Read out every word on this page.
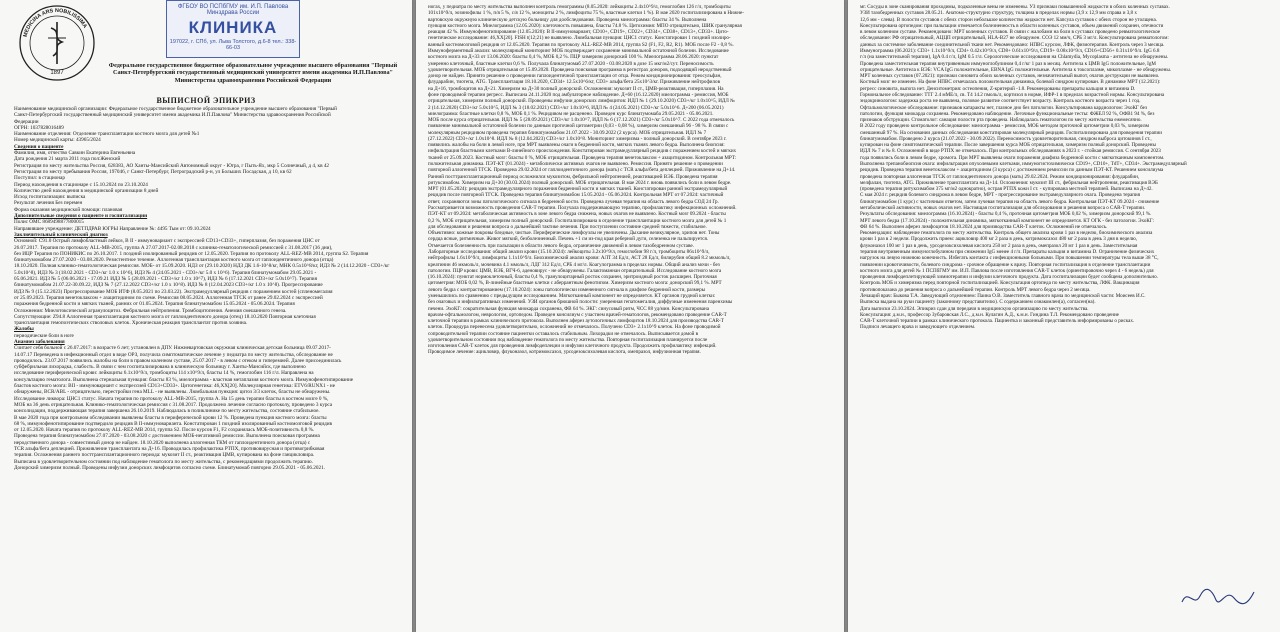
MEDICINA ARS NOBILISSIMA
1897
ФГБОУ ВО ПСПбГМУ им. И.П. Павлова
Минздрава России
КЛИНИКА
197022, г. СПб, ул. Льва Толстого, д.6-8 тел.: 338-66-03
Федеральное государственное бюджетное образовательное учреждение высшего образования "Первый Санкт-Петербургский государственный медицинский университет имени академика И.П.Павлова" Министерства здравоохранения Российской Федерации
ВЫПИСНОЙ ЭПИКРИЗ
Наименование медицинской организации: Федеральное государственное бюджетное образовательное учреждение высшего образования "Первый
Санкт-Петербургский государственный медицинский университет имени академика И.П.Павлова" Министерства здравоохранения Российской
Федерации
ОГРН: 1037828016489
Наименование отделения: Отделение трансплантации костного мозга для детей №1
Номер медицинской карты: 43965/2024
Сведения о пациенте
Фамилия, имя, отчество Савкин Екатерина Евгеньевна
Дата рождения 21 марта 2011 года пол:Женский
Регистрация по месту жительства Россия, 628383, АО Ханты-Мансийский Автономный округ - Югра, г Пыть-Ях, мкр 5 Солнечный, д 4, кв 42
Регистрация по месту пребывания Россия, 197046, г Санкт-Петербург, Петроградский р-н, ул Больших Посадская, д 10, кв 62
Поступил: в стационар
Период нахождения в стационаре с 15.10.2024 по 23.10.2024
Количество дней нахождения в медицинской организации 8 дней
Исход госпитализации: выписка
Результат лечения Без перемен
Форма оказания медицинской помощи: плановая
Дополнительные сведения о пациенте и госпитализации
Полис ОМС 8689498877800015
Направившее учреждение: ДЕТПДРАВ ЮГРЫ Направление №: 4495 Тым от: 09.10.2024
Заключительный клинический диагноз
Основной: C91.0 Острый лимфобластный лейкоз, B II - иммуновариант с экспрессией CD13+CD33+, гиперплазия, без поражения ЦНС от
26.07.2017. Терапия по протоколу ALL-MB-2015, группа А 27.07.2017-02.08.2018 с клинико-гематологической ремиссией с 31.08.2017 (36 дни),
без ИЦР Терапия по ПОНИКИС по 26.10.2017. 1 поздний изолированный рецидив от 12.05.2020. Терапия по протоколу ALL-REZ-MB 2014, группа S2. Терапия
блинатумомабом 27.07.2020 - 03.08.2020. Резистентное течение. Аллогенная трансплантация костного мозга от гаплоидентичного донора (отца)
18.10.2020. Полная клинико-гематологическая ремиссия. МОБ- от 15.09.2020. НДЗ от (29.10.2020) НДЗ ДК 1.6-10^8/кг, МНК 0.5x10^8/кг, ИДЗ № 2 (14.12.2020 - CD3+/кг
5.0x10^8), ИДЗ № 3 (18.02.2021 - CD3+/кг 1.0 x 10^6), ИДЗ № 4 (24.05.2021 - CD3+/кг 5.0 x 10^6). Терапия блинатумомабом 29.05.2021 -
05.06.2021. ИДЗ № 5 (06.06.2021 - 17.09.21 ИДЗ № 5 (28.09.2021 - CD3+/кг 1.0 x 10^7), ИДЗ № 6 (17.12.2021 CD3+/кг 5.0x10^7). Терапия
блинатумомабом 21.07.22-30.09.22, ИДЗ № 7 (27.12.2022 CD3+/кг 1.0 x 10^8). ИДЗ № 8 (12.04.2023 CD3+/кг 1.0 x 10^8). Прогрессирование
ИДЗ № 9 (15.12.2023) Прогрессирование МОБ ИТФ (8.05.2021 по 23.03.22). Экстрамедуллярный рецидив с поражением костей (спленомегалия
от 25.09.2023. Терапия венетоклаксом + азацитидином по схеме. Ремиссия 08.05.2024. Аллогенная ТГСК от ранее 29.02.2024 с экспрессией
поражения бедренной кости и мягких тканей, ранних от 01.05.2024. Терапия блинатумомабом 15.05.2024 - 05.06.2024. Терапия
Осложнения: Миелотоксический агранулоцитоз. Фебрильная нейтропения. Тромбоцитопения. Анемия смешанного генеза.
Сопутствующие: Z94.8 Аллогенная трансплантация костного мозга от гаплоидентичного донора (отец) 18.10.2020 Повторная клеточная
трансплантация гемопоэтических стволовых клеток. Хроническая реакция трансплантат против хозяина.
Жалобы
периодические боли в ноге
Анамнез заболевания
Считает себя больной с 26.07.2017: в возрасте 6 лет; установлен в ДПУ. Нижневартовская окружная клиническая детская больница 09.07.2017-
14.07.17 Переведена в инфекционный отдел в виде ОРЗ, получила симптоматическое лечение у педиатра по месту жительства, обследование не
проводилось. 23.07.2017 появились жалобы на боли в правом коленном суставе, 25.07.2017 - в левом с отеком и гиперемией. Далее присоединилась
субфебрильная лихорадка, слабость. В связи с чем госпитализирована в клиническую больницу г. Ханты-Мансийск, где выполнено
исследование периферической крови: лейкоциты 6.1x10^9/л, тромбоциты 114 x10^9/л, бласты 14 %, гемоглобин 116 г/л. Направлена на
консультацию гематолога. Выполнена стернальная пункция: бласты 83 %, миелограмма - властная метаплазия костного мозга. Иммунофенотипирование
бластов костного мозга: ВII - иммуновариант с экспрессией CD13+CD33+. Цитогенетика: 46,ХХ[20]. Молекулярная генетика: ETV6/RUNX1 - не
обнаружены, BCR/ABL - отрицательно, перестройки гена MLL - не выявлены. Люмбальная пункция: цитоз 3/3 клеток, бласты не обнаружены.
Исследование ликвора: ЦНС1 статус. Начата терапия по протоколу ALL-MB-2015, группа А. На 15 день терапии бласты в костном мозге 0 %,
МОБ на 36 день отрицательная. Клинико-гематологическая ремиссия с 31.08.2017. Продолжено лечение согласно протоколу, проведено 3 курса
консолидации, поддерживающая терапия завершена 26.10.2019. Наблюдалась в поликлинике по месту жительства, состояние стабильное.
В мае 2020 года при контрольном обследовании выявлены бласты в периферической крови 12 %. Проведена пункция костного мозга: бласты
68 %, иммунофенотипирование подтвердило рецидив В II-иммуноварианта. Констатирован 1 поздний изолированный костномозговой рецидив
от 12.05.2020. Начата терапия по протоколу ALL-REZ-MB 2014, группа S2. После курсов F1, F2 сохранялась МОБ-позитивность 0,8 %.
Проведена терапия блинатумомабом 27.07.2020 - 03.08.2020 с достижением МОБ-негативной ремиссии. Выполнена поисковая программа
неродственного донора - совместимый донор не найден. 18.10.2020 выполнена аллогенная ТКМ от гаплоидентичного донора (отца) с
TCR альфа/бета деплецией. Приживление трансплантата на Д+16. Проводилась профилактика РТПХ, противовирусная и противогрибковая
терапия. Осложнения раннего посттрансплантационного периода: мукозит II ст., реактивация ЦМВ, купирована на фоне ганцикловира.
Выписана в удовлетворительном состоянии под наблюдение гематолога по месту жительства, с рекомендациями продолжить терапию.
Донорский химеризм полный. Проведены инфузии донорских лимфоцитов согласно схеме. Блинатумомаб повторно 29.05.2021 - 05.06.2021.
ногах, у педиатра по месту жительства выполнен контроль гемограммы (8.05.2020: лейкоциты 2.4х10^9/л, гемоглобин 126 г/л, тромбоциты
101x10^9/л, эозинофилы 1 %, п/я 5 %, с/я 12 %, моноциты 2 %, лимфоциты 75 %, властные клетки 1 %). В мае 2020 госпитализирована в Нижне-
вартовскую окружную клиническую детскую больницу для дообследования. Проведена миелограмма: бласты 34 %. Выполнена
пункция костного мозга. Миелограмма (12.05.2020): клеточность повышена, бласты 74.8 %. Цитохимия: МПО отрицательно, ШИК гранулярная
реакция 42 %. Иммунофенотипирование (12.05.2020): В II-иммуновариант, CD10+, CD19+, CD22+, CD34+, CD38+, CD13+, CD33+. Цито-
генетическое исследование: 46,XX[20]. FISH t(12;21) не выявлено. Люмбальная пункция: ЦНС1 статус. Констатирован 1 поздний изолиро-
ванный костномозговой рецидив от 12.05.2020. Терапия по протоколу ALL-REZ-MB 2014, группа S2 (F1, F2, R2, R1). МОБ после F2 - 0,8 %.
Иммуноферментный анализ: молекулярный мониторинг МОБ подтверждает сохранение минимальной остаточной болезни. Исследование
костного мозга на Д+33 от 13.06.2020: бласты 0,4 %, МОБ 0,2 %. ПЦР химеризм донорский 100 %. Миелограмма 28.06.2020: пунктат
умеренно клеточный, бластные клетки 0,6 %. Получала блинатумомаб 27.07.2020 - 03.08.2020 в дозе 15 мкг/м2/сут. Переносимость
удовлетворительная. МОБ отрицательная от 15.09.2020. Проведена поисковая программа в регистрах доноров, подходящий неродственный
донор не найден. Принято решение о проведении гаплоидентичной трансплантации от отца. Режим кондиционирования: треосульфан,
флударабин, тиотепа, ATG. Трансплантация 18.10.2020, CD34+ 12.5x10^6/кг, CD3+ альфа/бета 25x10^3/кг. Приживление нейтрофилов
на Д+16, тромбоцитов на Д+21. Химеризм на Д+30 полный донорский. Осложнения: мукозит II ст., ЦМВ-реактивация, гиперплазия. На
фоне проводимой терапии регресс. Выписана 24.11.2020 под амбулаторное наблюдение. Д+60 (16.12.2020) миелограмма - ремиссия, МОБ
отрицательная, химеризм полный донорский. Проведены инфузии донорских лимфоцитов: ИДЛ № 1 (29.10.2020) CD3+/кг 1.0x10^5, ИДЛ №
2 (14.12.2020) CD3+/кг 5.0x10^5, ИДЛ № 3 (18.02.2021) CD3+/кг 1.0x10^6, ИДЛ № 4 (24.05.2021) CD3+/кг 5.0x10^6. Д+200 (06.05.2021)
миелограмма: бластные клетки 0,8 %, МОБ 0,1 %. Рецидивом не расценено. Проведен курс блинатумомаба 29.05.2021 - 05.06.2021.
МОБ после курса отрицательная. ИДЛ № 5 (28.09.2021) CD3+/кг 1.0x10^7, ИДЛ № 6 (17.12.2021) CD3+/кг 5.0x10^7. С 2022 года отмечалось
появление минимальной остаточной болезни по данным проточной цитометрии (0,03 - 0,08 %), химеризм смешанный 96 - 98 %. В связи с
молекулярным рецидивом проведена терапия блинатумомабом 21.07.2022 - 30.09.2022 (2 курса). МОБ отрицательная. ИДЛ № 7
(27.12.2022) CD3+/кг 1.0x10^8. ИДЛ № 8 (12.04.2023) CD3+/кг 1.0x10^8. Мониторинг химеризма - полный донорский. В сентябре 2023 г.
появились жалобы на боли в левой ноге, при МРТ выявлены очаги в бедренной кости, мягких тканях левого бедра. Выполнена биопсия:
инфильтрация бластными клетками В-линейного происхождения. Констатирован экстрамедуллярный рецидив с поражением костей и мягких
тканей от 25.09.2023. Костный мозг: бласты 0 %, МОБ отрицательная. Проведена терапия венетоклаксом + азацитидином. Контрольная МРТ:
положительная динамика. ПЭТ-КТ (01.2024) - метаболически активных очагов не выявлено. Ремиссия. Принято решение о проведении
повторной аллогенной ТГСК. Проведена 29.02.2024 от гаплоидентичного донора (мать) с TCR альфа/бета деплецией. Приживление на Д+14.
Ранний посттрансплантационный период осложнился мукозитом, фебрильной нейтропенией, реактивацией ВЭБ. Проведена терапия
ритуксимабом. Химеризм на Д+30 (30.03.2024) полный донорский. МОБ отрицательная. В мае 2024 г. вновь появились боли в левом бедре.
МРТ (01.05.2024): рецидив экстрамедуллярного поражения бедренной кости и мягких тканей. Констатирован ранний экстрамедуллярный
рецидив после повторной ТГСК. Проведена терапия блинатумомабом 15.05.2024 - 05.06.2024. Контрольная МРТ от 07.2024: частичный
ответ, сохраняются зоны патологического сигнала в бедренной кости. Проведена лучевая терапия на область левого бедра СОД 24 Гр.
Рассматривается возможность проведения CAR-T терапии. Получала поддерживающую терапию, профилактику инфекционных осложнений.
ПЭТ-КТ от 09.2024: метаболическая активность в зоне левого бедра снижена, новых очагов не выявлено. Костный мозг 09.2024 - бласты
0,2 %, МОБ отрицательная, химеризм полный донорский. Госпитализирована в отделение трансплантации костного мозга для детей № 1
для обследования и решения вопроса о дальнейшей тактике лечения. При поступлении состояние средней тяжести, стабильное.
Объективно: кожные покровы бледные, чистые. Периферические лимфоузлы не увеличены. Дыхание везикулярное, хрипов нет. Тоны
сердца ясные, ритмичные. Живот мягкий, безболезненный. Печень +1 см из-под края реберной дуги, селезенка не пальпируется.
Отмечается болезненность при пальпации в области левого бедра, ограничение движений в левом тазобедренном суставе.
Лабораторные исследования: общий анализ крови (15.10.2024): лейкоциты 3.2х10^9/л, гемоглобин 98 г/л, тромбоциты 86x10^9/л,
нейтрофилы 1.6х10^9/л, лимфоциты 1.1х10^9/л. Биохимический анализ крови: АЛТ 34 Ед/л, АСТ 28 Ед/л, билирубин общий 8.2 мкмоль/л,
креатинин 46 мкмоль/л, мочевина 4.1 ммоль/л, ЛДГ 312 Ед/л, СРБ 4 мг/л. Коагулограмма в пределах нормы. Общий анализ мочи - без
патологии. ПЦР крови: ЦМВ, ВЭБ, ВГЧ-6, аденовирус - не обнаружены. Галактоманнан отрицательный. Исследование костного мозга
(16.10.2024): пунктат нормоклеточный, бласты 0,4 %, гранулоцитарный росток сохранен, эритроидный росток расширен. Проточная
цитометрия: МОБ 0,02 %, В-линейные бластные клетки с аберрантным фенотипом. Химеризм костного мозга: донорский 99,1 %. МРТ
левого бедра с контрастированием (17.10.2024): зоны патологически измененного сигнала в диафизе бедренной кости, размеры
уменьшились по сравнению с предыдущим исследованием. Мягкотканный компонент не определяется. КТ органов грудной клетки:
без очаговых и инфильтративных изменений. УЗИ органов брюшной полости: умеренная гепатомегалия, диффузные изменения паренхимы
печени. ЭхоКГ: сократительная функция миокарда сохранена, ФВ 64 %. ЭКГ: синусовый ритм, ЧСС 88 уд/мин. Консультирована
врачом-офтальмологом, неврологом, ортопедом. Проведен консилиум с участием врачей-гематологов, рекомендовано проведение CAR-T
клеточной терапии в рамках клинического протокола. Выполнен аферез аутологичных лимфоцитов 18.10.2024 для производства CAR-T
клеток. Процедура перенесена удовлетворительно, осложнений не отмечалось. Получено CD3+ 2.1x10^9 клеток. На фоне проводимой
сопроводительной терапии состояние пациентки оставалось стабильным. Лихорадки не отмечалось. Выписывается домой в
удовлетворительном состоянии под наблюдение гематолога по месту жительства. Повторная госпитализация планируется после
изготовления CAR-T клеток для проведения лимфодеплеции и инфузии клеточного продукта. Продолжить профилактику инфекций.
Проводимое лечение: ацикловир, флуконазол, котримоксазол, урсодезоксихолевая кислота, омепразол, инфузионная терапия.
мг. Сосуды в зоне сканирования проходимы, подколенные вены не изменены. УЗ признаки повышенной жидкости в обоих коленных суставах.
УЗИ тазобедренных суставов 28.05.21. Анатомо-структурно структуру, толщина в пределах нормы (3,9 x 12,9 мм справа и 3,8 x
12,6 мм - слева). В полости суставов с обеих сторон небольшое количество жидкости нет. Капсула суставов с обеих сторон не утолщена.
Консультирована ортопедом: при пальпации отмечается болезненность в области коленных суставов, объем движений сохранен, отечности
в левом коленном суставе. Рекомендовано: МРТ коленных суставов. В связи с жалобами на боли в суставах проведено ревматологическое
обследование: РФ отрицательный, АЦЦП отрицательный, HLA-B27 не обнаружен. СОЭ 12 мм/ч, СРБ 3 мг/л. Консультирована ревматологом:
данных за системное заболевание соединительной ткани нет. Рекомендовано: НПВС курсом, ЛФК, физиотерапия. Контроль через 3 месяца.
Иммунограмма (06.2021): CD3+ 1.1x10^9/л, CD4+ 0.42x10^9/л, CD8+ 0.61x10^9/л, CD19+ 0.08x10^9/л, CD16+CD56+ 0.31x10^9/л. IgG 6.8
г/л (на заместительной терапии), IgA 0.4 г/л, IgM 0.5 г/л. Серологические исследования на Chlamydia, Mycoplasma - антитела не обнаружены.
Проведена заместительная терапия внутривенным иммуноглобулином 0,4 г/кг 1 раз в месяц. Антитела к ЦМВ IgG положительные, IgM
отрицательные. Антитела к ВЭБ: VCA IgG положительные, EBNA IgG положительные. Антитела к токсоплазме, микоплазме - не обнаружены.
МРТ коленных суставов (07.2021): признаки синовита обоих коленных суставов, незначительный выпот, очагов деструкции не выявлено.
Костный мозг не изменен. На фоне НПВС отмечалась положительная динамика, болевой синдром купирован. В динамике МРТ (12.2021):
регресс синовита, выпота нет. Денситометрия: остеопения, Z-критерий -1.8. Рекомендованы препараты кальция и витамина D.
Гормональное обследование: ТТГ 2.4 мМЕ/л, св. Т4 14.2 пмоль/л, кортизол в норме, ИФР-1 в пределах возрастной нормы. Консультирована
эндокринологом: задержка роста не выявлена, половое развитие соответствует возрасту. Контроль костного возраста через 1 год.
Офтальмологическое обследование: признаков катаракты нет, глазное дно без патологии. Консультирована кардиологом: ЭхоКГ без
патологии, функция миокарда сохранена. Рекомендовано наблюдение. Легочные функциональные тесты: ФЖЕЛ 92 %, ОФВ1 94 %, без
признаков обструкции. Стоматолог: санация полости рта проведена. Наблюдалась гематологом по месту жительства ежемесячно.
В 2022 году проведено контрольное обследование: миелограмма - ремиссия, МОБ методом проточной цитометрии 0,03 %, химеризм
смешанный 97 %. На основании данных обследования констатирован молекулярный рецидив. Госпитализирована для проведения терапии
блинатумомабом. Проведено 2 курса (21.07.2022 - 30.09.2022). Переносимость удовлетворительная, синдром выброса цитокинов I ст.,
купирован на фоне симптоматической терапии. После завершения курса МОБ отрицательная, химеризм полный донорский. Проведены
ИДЛ № 7 и № 8. Осложнений в виде РТПХ не отмечалось. При контрольных обследованиях в 2023 г. - стойкая ремиссия. С сентября 2023
года появились боли в левом бедре, хромота. При МРТ выявлены очаги поражения диафиза бедренной кости с мягкотканным компонентом.
Выполнена трепанобиопсия очага: инфильтрация опухолевыми клетками, иммуногистохимически CD19+, CD10+, TdT+, CD34+. Экстрамедуллярный
рецидив. Проведена терапия венетоклаксом + азацитидином (3 курса) с достижением ремиссии по данным ПЭТ-КТ. Решением консилиума
проведена повторная аллогенная ТГСК от гаплоидентичного донора (мать) 29.02.2024. Режим кондиционирования: флударабин,
мелфалан, тиотепа, ATG. Приживление трансплантата на Д+14. Осложнения: мукозит III ст., фебрильная нейтропения, реактивация ВЭБ
(проведена терапия ритуксимабом 375 мг/м2 однократно), острая РТПХ кожи I ст. - купирована местной терапией. Выписана на Д+42.
С мая 2024 г. рецидив болевого синдрома в левом бедре, МРТ - прогрессирование экстрамедуллярного очага. Проведена терапия
блинатумомабом (1 курс) с частичным ответом, затем лучевая терапия на область левого бедра. Контрольная ПЭТ-КТ 09.2024 - снижение
метаболической активности, новых очагов нет. Настоящая госпитализация для обследования и решения вопроса о CAR-T терапии.
Результаты обследования: миелограмма (16.10.2024) - бласты 0,4 %, проточная цитометрия МОБ 0,02 %, химеризм донорский 99,1 %.
МРТ левого бедра (17.10.2024) - положительная динамика, мягкотканный компонент не определяется. КТ ОГК - без патологии. ЭхоКГ:
ФВ 64 %. Выполнен аферез лимфоцитов 18.10.2024 для производства CAR-T клеток. Осложнений не отмечалось.
Рекомендации: наблюдение гематолога по месту жительства. Контроль общего анализа крови 1 раз в неделю, биохимического анализа
крови 1 раз в 2 недели. Продолжить прием: ацикловир 400 мг 2 раза в день, котримоксазол 480 мг 2 раза в день 3 дня в неделю,
флуконазол 100 мг 1 раз в день, урсодезоксихолевая кислота 250 мг 2 раза в день, омепразол 20 мг 1 раз в день. Заместительная
терапия внутривенным иммуноглобулином при снижении IgG менее 4 г/л. Препараты кальция и витамина D. Ограничение физических
нагрузок на левую нижнюю конечность. Избегать контакта с инфекционными больными. При повышении температуры тела выше 38 °С,
появлении кровоточивости, болевого синдрома - срочное обращение к врачу. Повторная госпитализация в отделение трансплантации
костного мозга для детей № 1 ПСПбГМУ им. И.П. Павлова после изготовления CAR-T клеток (ориентировочно через 4 - 6 недель) для
проведения лимфодеплетирующей химиотерапии и инфузии клеточного продукта. Дата госпитализации будет сообщена дополнительно.
Контроль МОБ и химеризма перед повторной госпитализацией. Консультация ортопеда по месту жительства, ЛФК. Вакцинация
противопоказана до решения вопроса о дальнейшей терапии. Контроль МРТ левого бедра через 2 месяца.
Лечащий врач: Быкова Т.А. Заведующий отделением: Паина О.В. Заместитель главного врача по медицинской части: Моисеев И.С.
Выписка выдана на руки пациенту (законному представителю). С содержанием ознакомлен(а), согласен(на).
Дата выписки 23.10.2024. Эпикриз сдан для передачи в медицинскую организацию по месту жительства.
Консультация: д.м.н., профессор Зубаровская Л.С., д.м.н. Кулагин А.Д., к.м.н. Гиндина Т.Л. Рекомендовано проведение
CAR-T клеточной терапии в рамках клинического протокола. Пациентка и законный представитель информированы о рисках.
Подписи лечащего врача и заведующего отделением.
